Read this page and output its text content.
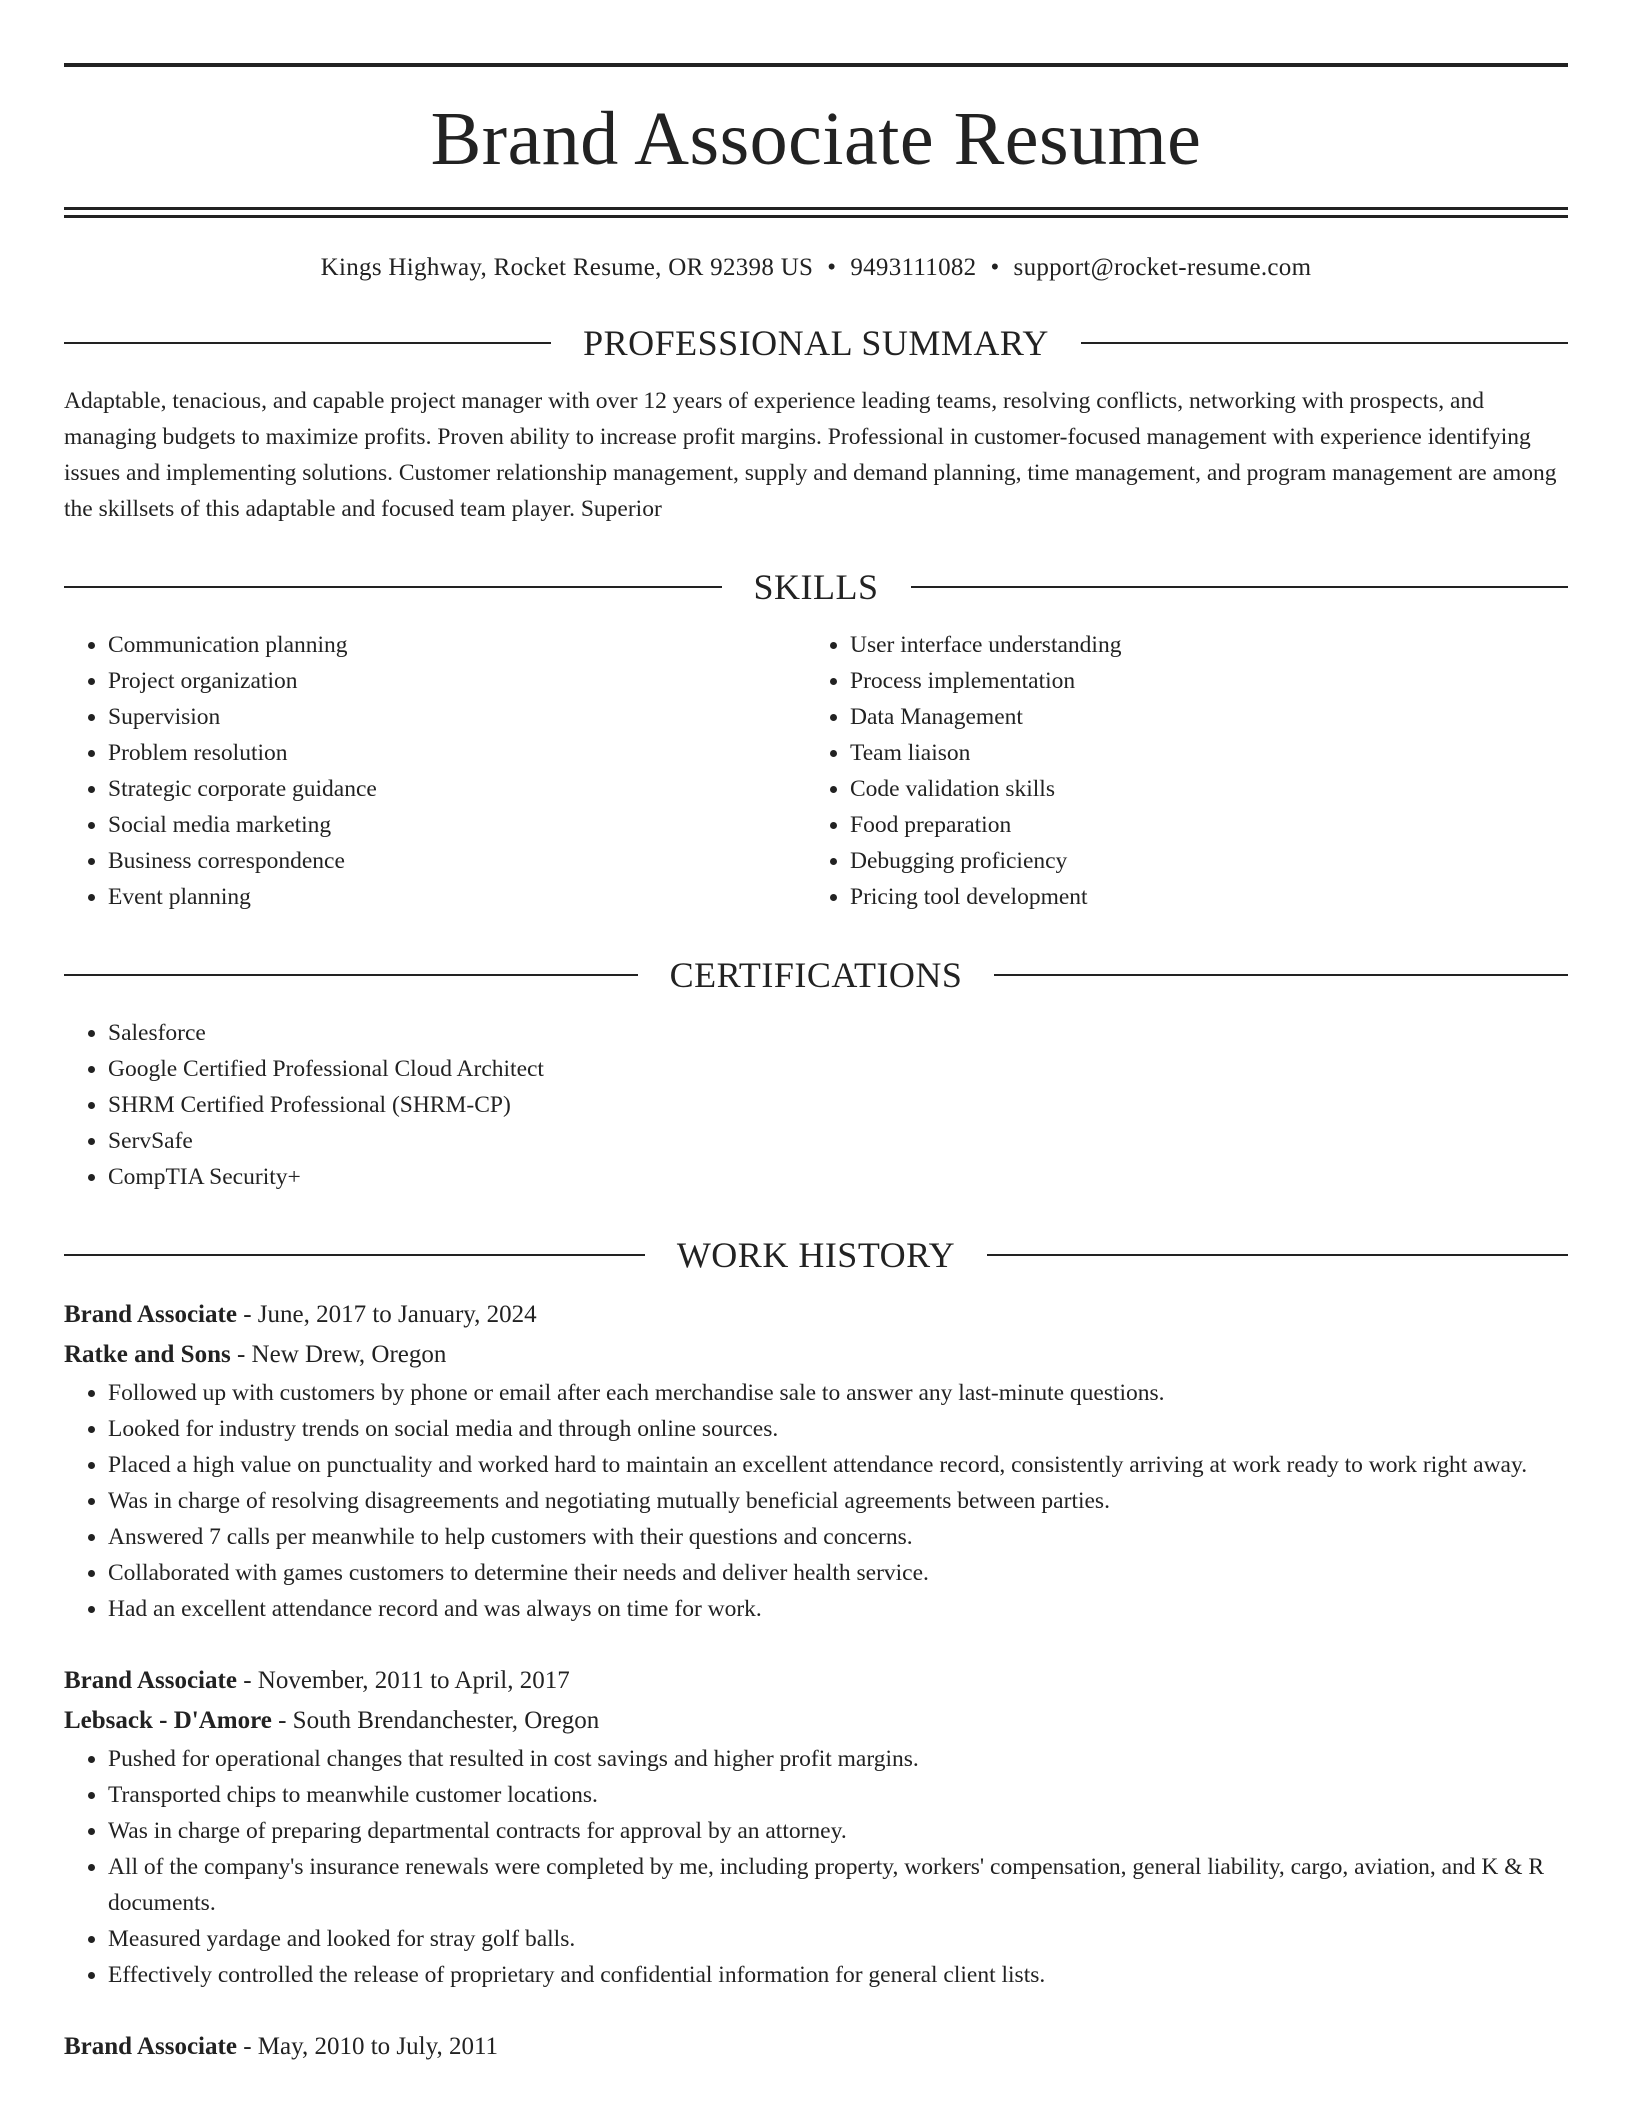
Brand Associate Resume
Kings Highway, Rocket Resume, OR 92398 US • 9493111082 • support@rocket-resume.com
PROFESSIONAL SUMMARY
Adaptable, tenacious, and capable project manager with over 12 years of experience leading teams, resolving conflicts, networking with prospects, and managing budgets to maximize profits. Proven ability to increase profit margins. Professional in customer-focused management with experience identifying issues and implementing solutions. Customer relationship management, supply and demand planning, time management, and program management are among the skillsets of this adaptable and focused team player. Superior
SKILLS
• Communication planning
• Project organization
• Supervision
• Problem resolution
• Strategic corporate guidance
• Social media marketing
• Business correspondence
• Event planning
• User interface understanding
• Process implementation
• Data Management
• Team liaison
• Code validation skills
• Food preparation
• Debugging proficiency
• Pricing tool development
CERTIFICATIONS
• Salesforce
• Google Certified Professional Cloud Architect
• SHRM Certified Professional (SHRM-CP)
• ServSafe
• CompTIA Security+
WORK HISTORY
Brand Associate - June, 2017 to January, 2024
Ratke and Sons - New Drew, Oregon
• Followed up with customers by phone or email after each merchandise sale to answer any last-minute questions.
• Looked for industry trends on social media and through online sources.
• Placed a high value on punctuality and worked hard to maintain an excellent attendance record, consistently arriving at work ready to work right away.
• Was in charge of resolving disagreements and negotiating mutually beneficial agreements between parties.
• Answered 7 calls per meanwhile to help customers with their questions and concerns.
• Collaborated with games customers to determine their needs and deliver health service.
• Had an excellent attendance record and was always on time for work.
Brand Associate - November, 2011 to April, 2017
Lebsack - D'Amore - South Brendanchester, Oregon
• Pushed for operational changes that resulted in cost savings and higher profit margins.
• Transported chips to meanwhile customer locations.
• Was in charge of preparing departmental contracts for approval by an attorney.
• All of the company's insurance renewals were completed by me, including property, workers' compensation, general liability, cargo, aviation, and K & R documents.
• Measured yardage and looked for stray golf balls.
• Effectively controlled the release of proprietary and confidential information for general client lists.
Brand Associate - May, 2010 to July, 2011
